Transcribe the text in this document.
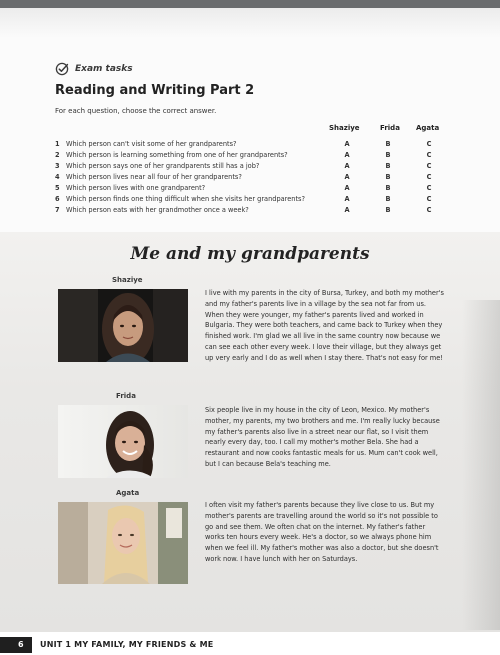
Exam tasks
Reading and Writing Part 2
For each question, choose the correct answer.
Shaziye	Frida Agata
1 Which person can't visit some of her grandparents?	A	B	C
2 Which person is learning something from one of her grandparents?	A	B	C
3 Which person says one of her grandparents still has a job?	A	B	C
4 Which person lives near all four of her grandparents?	A	B	C
5 Which person lives with one grandparent?	A	B	C
6 Which person finds one thing difficult when she visits her grandparents?	A	B	C
7 Which person eats with her grandmother once a week?	A	B	C
Me and my grandparents
Shaziye
I live with my parents in the city of Bursa, Turkey, and both my mother's and my father's parents live in a village by the sea not far from us. When they were younger, my father's parents lived and worked in Bulgaria. They were both teachers, and came back to Turkey when they finished work. I'm glad we all live in the same country now because we can see each other every week. I love their village, but they always get up very early and I do as well when I stay there. That's not easy for me!
Frida
Six people live in my house in the city of Leon, Mexico. My mother's mother, my parents, my two brothers and me. I'm really lucky because my father's parents also live in a street near our flat, so I visit them nearly every day, too. I call my mother's mother Bela. She had a restaurant and now cooks fantastic meals for us. Mum can't cook well, but I can because Bela's teaching me.
Agata
I often visit my father's parents because they live close to us. But my mother's parents are travelling around the world so it's not possible to go and see them. We often chat on the internet. My father's father works ten hours every week. He's a doctor, so we always phone him when we feel ill. My father's mother was also a doctor, but she doesn't work now. I have lunch with her on Saturdays.
6 UNIT 1 MY FAMILY, MY FRIENDS & ME
